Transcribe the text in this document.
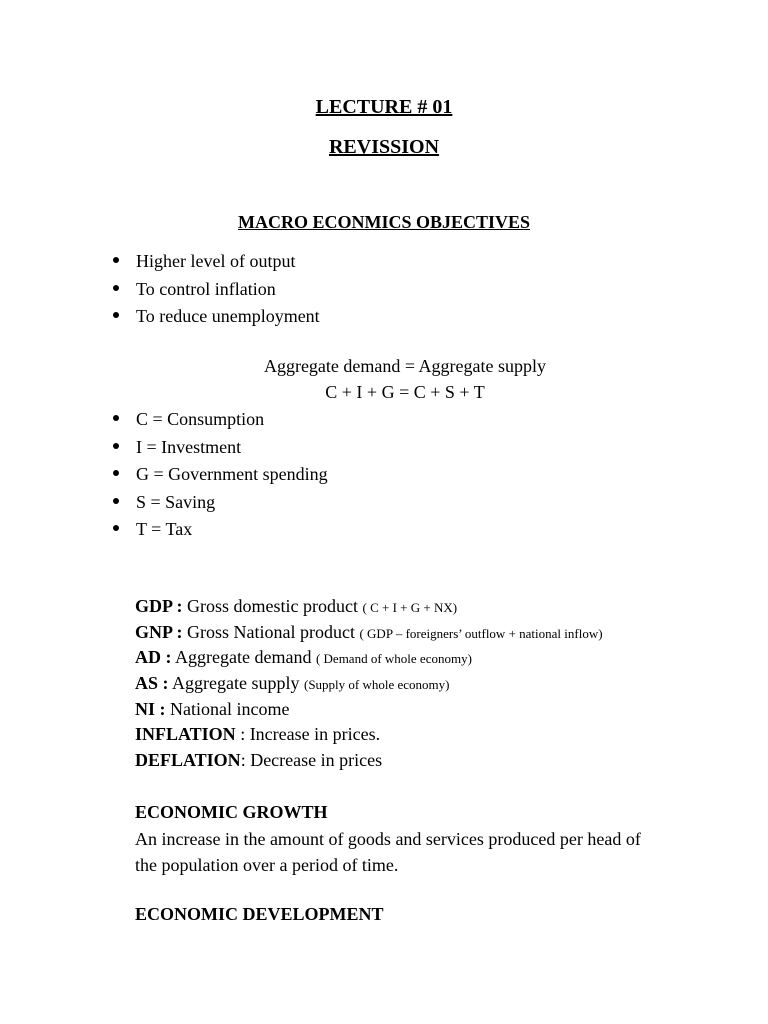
LECTURE # 01
REVISSION
MACRO ECONMICS OBJECTIVES
Higher level of output
To control inflation
To reduce unemployment
Aggregate demand = Aggregate supply
C + I + G = C + S + T
C = Consumption
I = Investment
G = Government spending
S = Saving
T = Tax
GDP : Gross domestic product ( C + I + G + NX)
GNP : Gross National product ( GDP – foreigners’ outflow + national inflow)
AD : Aggregate demand ( Demand of whole economy)
AS : Aggregate supply (Supply of whole economy)
NI : National income
INFLATION : Increase in prices.
DEFLATION: Decrease in prices
ECONOMIC GROWTH
An increase in the amount of goods and services produced per head of the population over a period of time.
ECONOMIC DEVELOPMENT
